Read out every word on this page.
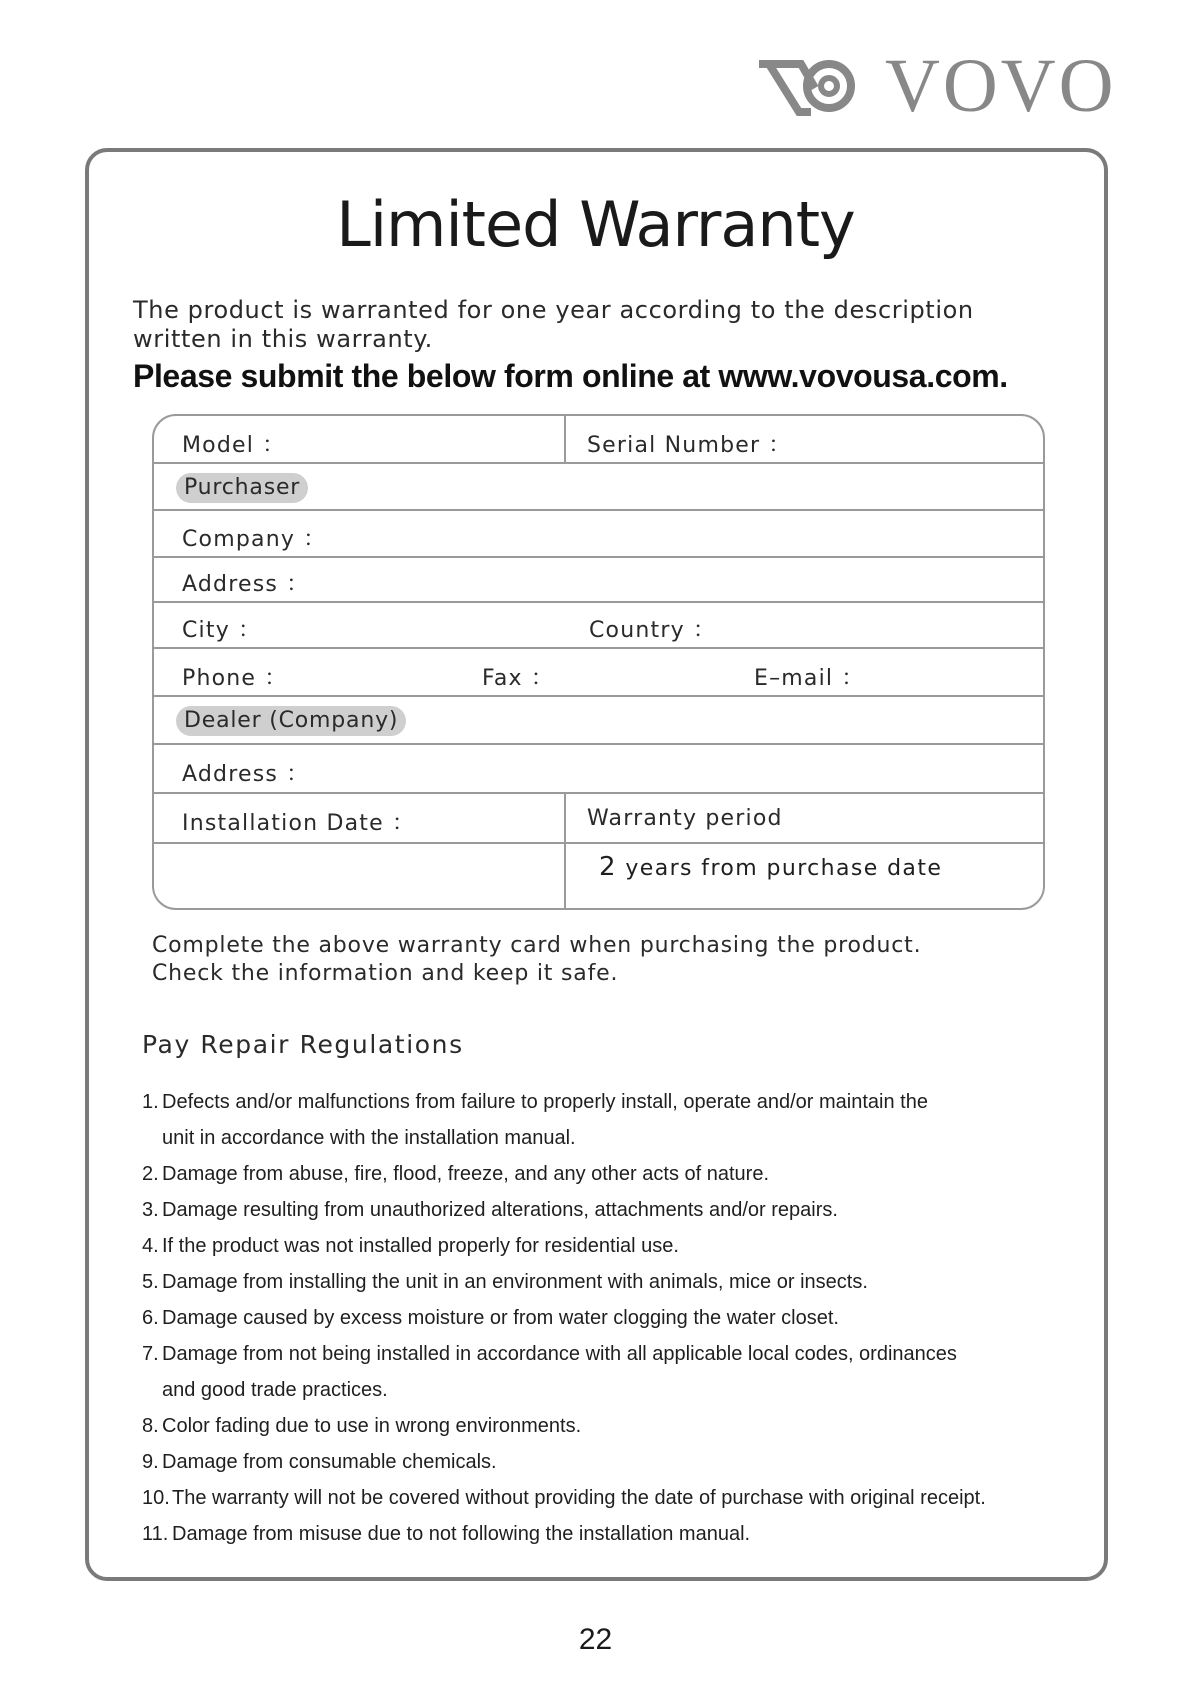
VOVO
Limited Warranty
The product is warranted for one year according to the description
written in this warranty.
Please submit the below form online at www.vovousa.com.
Model ：	Serial Number ：
Purchaser
Company ：
Address ：
City ：	Country ：
Phone ：	Fax ：	E–mail ：
Dealer (Company)
Address ：
Installation Date ：	Warranty period
2 years from purchase date
Complete the above warranty card when purchasing the product.
Check the information and keep it safe.
Pay Repair Regulations
1. Defects and/or malfunctions from failure to properly install, operate and/or maintain the
unit in accordance with the installation manual.
2. Damage from abuse, fire, flood, freeze, and any other acts of nature.
3. Damage resulting from unauthorized alterations, attachments and/or repairs.
4. If the product was not installed properly for residential use.
5. Damage from installing the unit in an environment with animals, mice or insects.
6. Damage caused by excess moisture or from water clogging the water closet.
7. Damage from not being installed in accordance with all applicable local codes, ordinances
and good trade practices.
8. Color fading due to use in wrong environments.
9. Damage from consumable chemicals.
10. The warranty will not be covered without providing the date of purchase with original receipt.
11. Damage from misuse due to not following the installation manual.
22
